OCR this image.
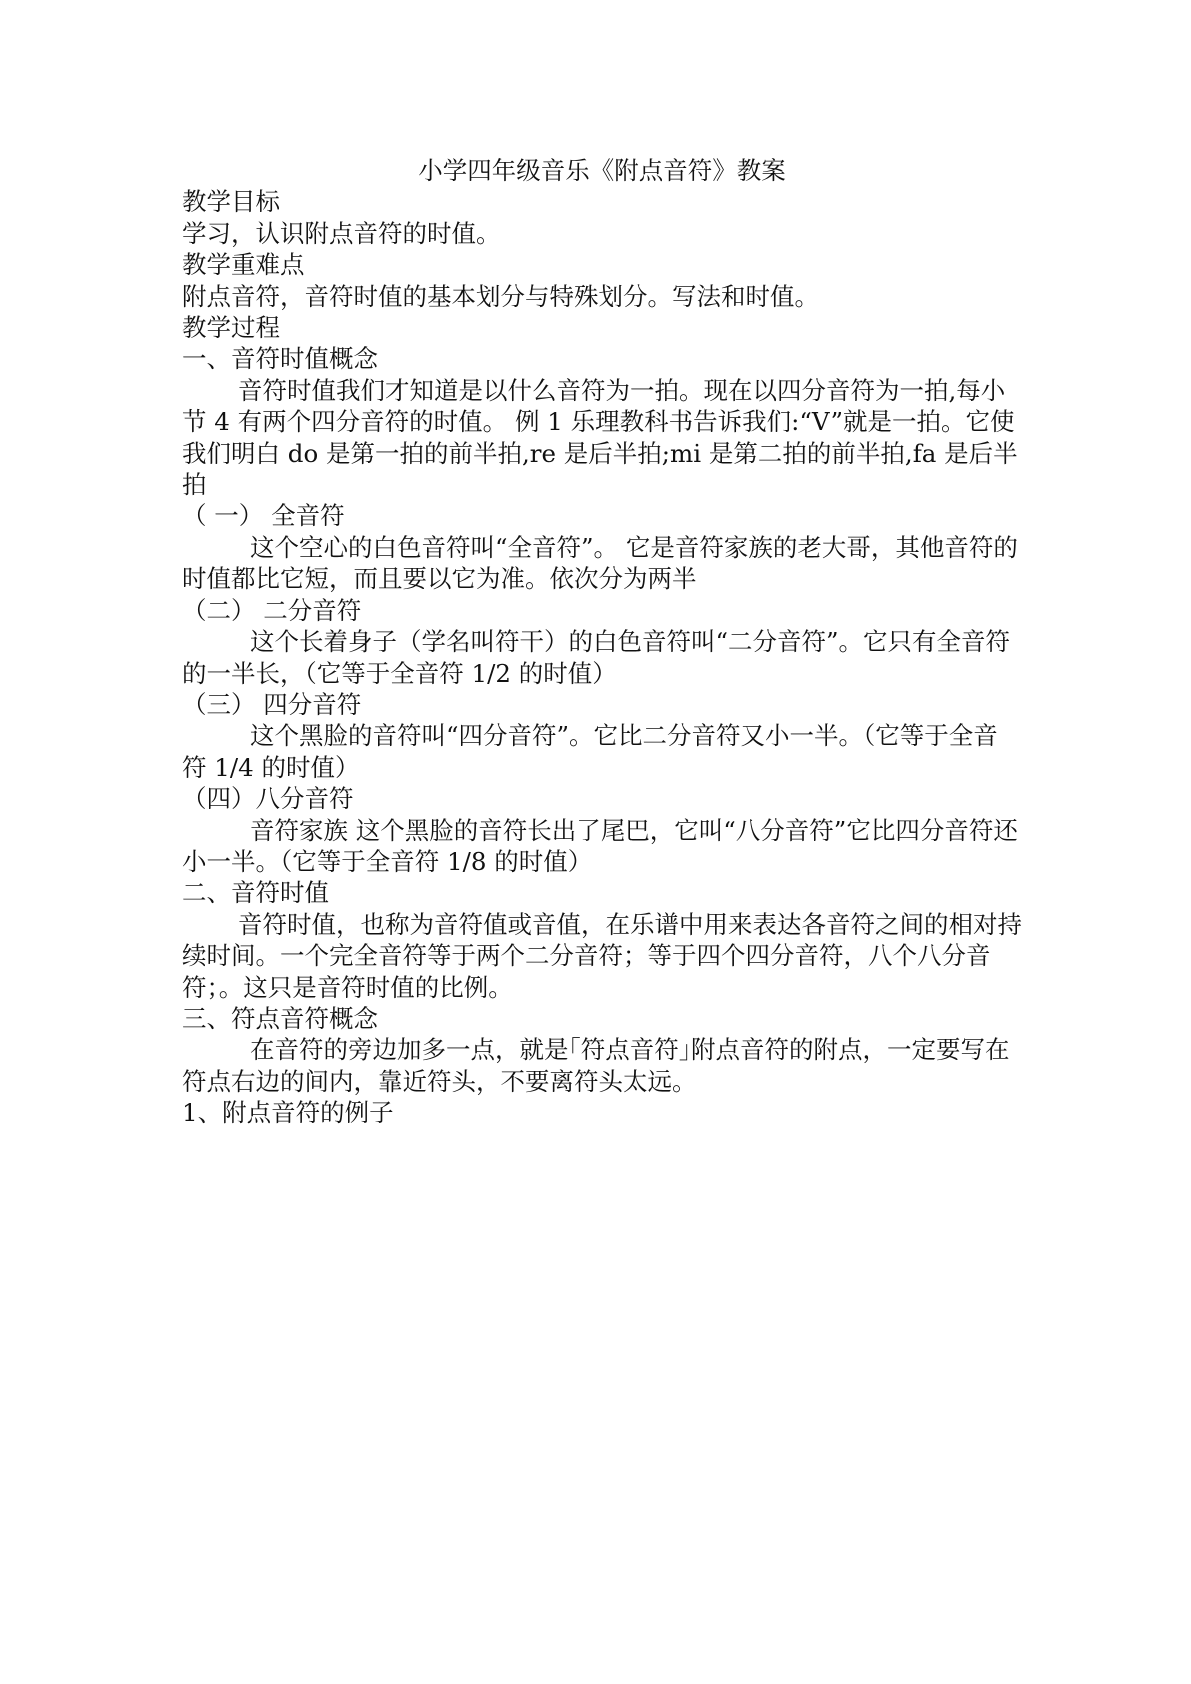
小学四年级音乐《附点音符》教案

教学目标

学习，认识附点音符的时值。

教学重难点

附点音符，音符时值的基本划分与特殊划分。写法和时值。

教学过程

一、音符时值概念

音符时值我们才知道是以什么音符为一拍。现在以四分音符为一拍,每小节 4 有两个四分音符的时值。 例 1 乐理教科书告诉我们:“V”就是一拍。它使我们明白 do 是第一拍的前半拍,re 是后半拍;mi 是第二拍的前半拍,fa 是后半拍

（ 一） 全音符

这个空心的白色音符叫“全音符”。 它是音符家族的老大哥，其他音符的时值都比它短，而且要以它为准。依次分为两半

（二） 二分音符

这个长着身子（学名叫符干）的白色音符叫“二分音符”。它只有全音符的一半长，（它等于全音符 1/2 的时值）

（三） 四分音符

这个黑脸的音符叫“四分音符”。它比二分音符又小一半。（它等于全音符 1/4 的时值）

（四）八分音符

音符家族 这个黑脸的音符长出了尾巴，它叫“八分音符”它比四分音符还小一半。（它等于全音符 1/8 的时值）

二、音符时值

音符时值，也称为音符值或音值，在乐谱中用来表达各音符之间的相对持续时间。一个完全音符等于两个二分音符；等于四个四分音符，八个八分音符；。这只是音符时值的比例。

三、符点音符概念

在音符的旁边加多一点，就是｢符点音符｣附点音符的附点，一定要写在符点右边的间内，靠近符头，不要离符头太远。

1、附点音符的例子
